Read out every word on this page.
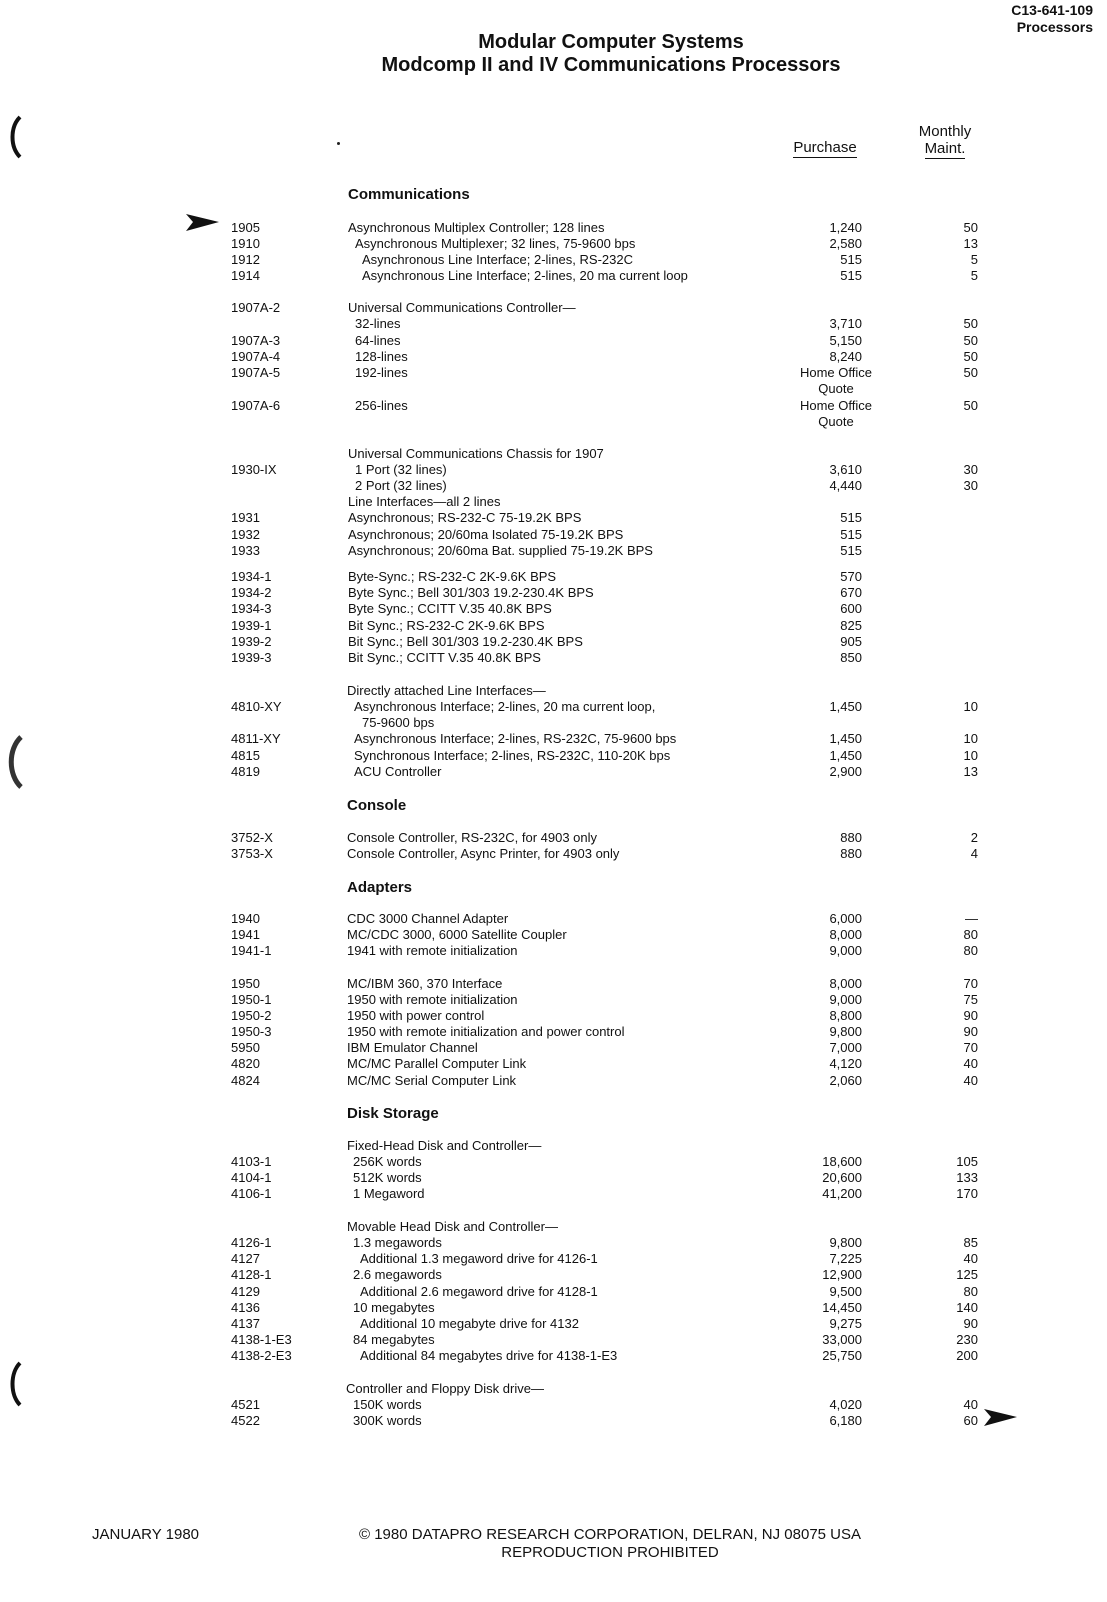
C13-641-109
Processors
Modular Computer Systems
Modcomp II and IV Communications Processors
Purchase
Monthly
Maint.
Communications
1905	Asynchronous Multiplex Controller; 128 lines	1,240	50
1910	Asynchronous Multiplexer; 32 lines, 75-9600 bps	2,580	13
1912	Asynchronous Line Interface; 2-lines, RS-232C	515	5
1914	Asynchronous Line Interface; 2-lines, 20 ma current loop	515	5
1907A-2	Universal Communications Controller—
32-lines	3,710	50
1907A-3	64-lines	5,150	50
1907A-4	128-lines	8,240	50
1907A-5	192-lines	Home Office	50
Quote
1907A-6	256-lines	Home Office	50
Quote
Universal Communications Chassis for 1907
1930-IX	1 Port (32 lines)	3,610	30
2 Port (32 lines)	4,440	30
Line Interfaces—all 2 lines
1931	Asynchronous; RS-232-C 75-19.2K BPS	515
1932	Asynchronous; 20/60ma Isolated 75-19.2K BPS	515
1933	Asynchronous; 20/60ma Bat. supplied 75-19.2K BPS	515
1934-1	Byte-Sync.; RS-232-C 2K-9.6K BPS	570
1934-2	Byte Sync.; Bell 301/303 19.2-230.4K BPS	670
1934-3	Byte Sync.; CCITT V.35 40.8K BPS	600
1939-1	Bit Sync.; RS-232-C 2K-9.6K BPS	825
1939-2	Bit Sync.; Bell 301/303 19.2-230.4K BPS	905
1939-3	Bit Sync.; CCITT V.35 40.8K BPS	850
Directly attached Line Interfaces—
4810-XY	Asynchronous Interface; 2-lines, 20 ma current loop,	1,450	10
75-9600 bps
4811-XY	Asynchronous Interface; 2-lines, RS-232C, 75-9600 bps	1,450	10
4815	Synchronous Interface; 2-lines, RS-232C, 110-20K bps	1,450	10
4819	ACU Controller	2,900	13
Console
3752-X	Console Controller, RS-232C, for 4903 only	880	2
3753-X	Console Controller, Async Printer, for 4903 only	880	4
Adapters
1940	CDC 3000 Channel Adapter	6,000	—
1941	MC/CDC 3000, 6000 Satellite Coupler	8,000	80
1941-1	1941 with remote initialization	9,000	80
1950	MC/IBM 360, 370 Interface	8,000	70
1950-1	1950 with remote initialization	9,000	75
1950-2	1950 with power control	8,800	90
1950-3	1950 with remote initialization and power control	9,800	90
5950	IBM Emulator Channel	7,000	70
4820	MC/MC Parallel Computer Link	4,120	40
4824	MC/MC Serial Computer Link	2,060	40
Disk Storage
Fixed-Head Disk and Controller—
4103-1	256K words	18,600	105
4104-1	512K words	20,600	133
4106-1	1 Megaword	41,200	170
Movable Head Disk and Controller—
4126-1	1.3 megawords	9,800	85
4127	Additional 1.3 megaword drive for 4126-1	7,225	40
4128-1	2.6 megawords	12,900	125
4129	Additional 2.6 megaword drive for 4128-1	9,500	80
4136	10 megabytes	14,450	140
4137	Additional 10 megabyte drive for 4132	9,275	90
4138-1-E3	84 megabytes	33,000	230
4138-2-E3	Additional 84 megabytes drive for 4138-1-E3	25,750	200
Controller and Floppy Disk drive—
4521	150K words	4,020	40
4522	300K words	6,180	60
JANUARY 1980	© 1980 DATAPRO RESEARCH CORPORATION, DELRAN, NJ 08075 USA
REPRODUCTION PROHIBITED
